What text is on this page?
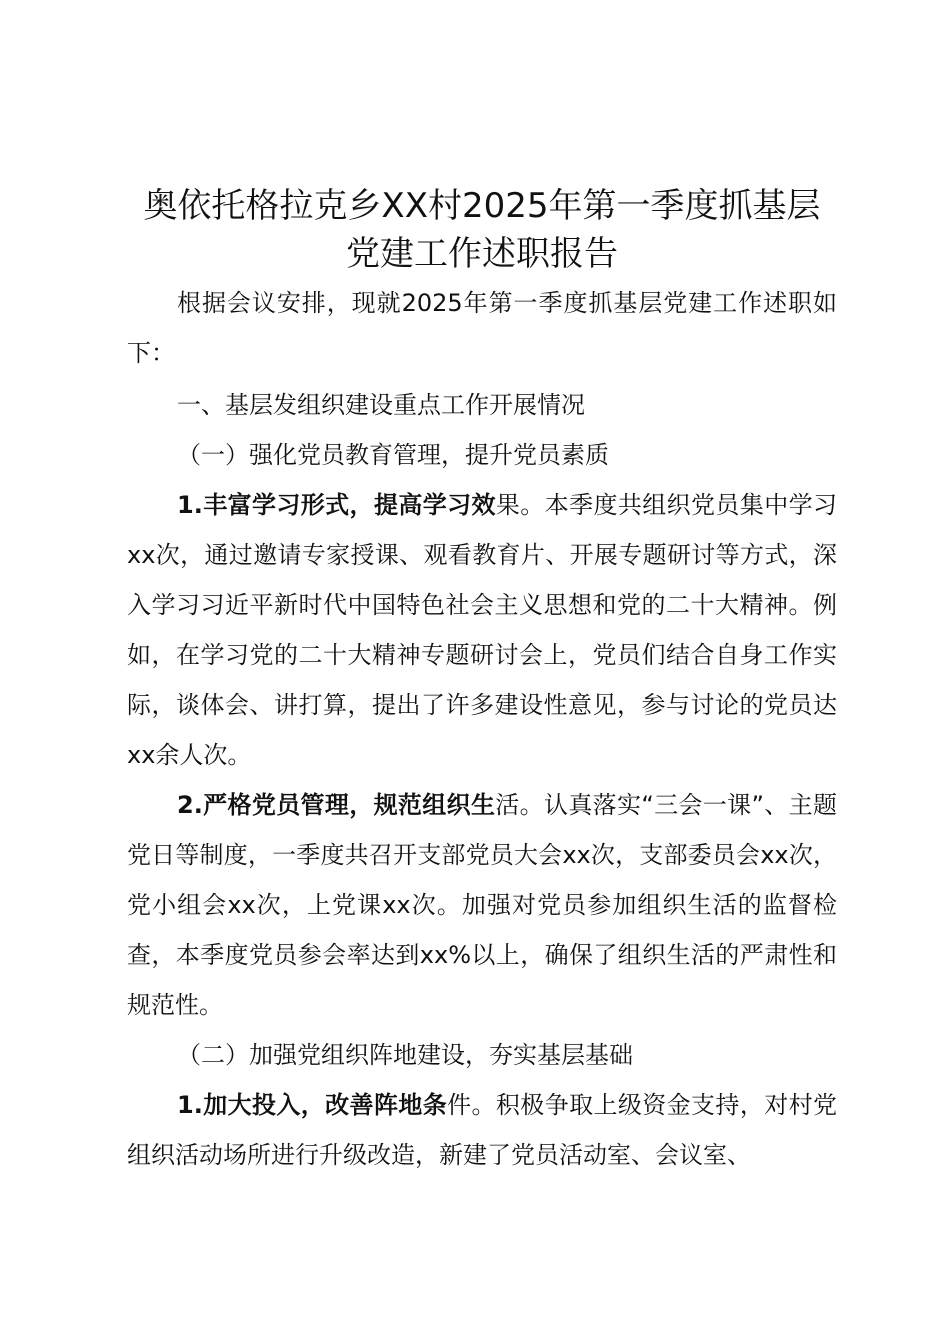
奥依托格拉克乡XX村2025年第一季度抓基层党建工作述职报告

根据会议安排，现就2025年第一季度抓基层党建工作述职如下：

一、基层发组织建设重点工作开展情况

（一）强化党员教育管理，提升党员素质

1.丰富学习形式，提高学习效果。本季度共组织党员集中学习xx次，通过邀请专家授课、观看教育片、开展专题研讨等方式，深入学习习近平新时代中国特色社会主义思想和党的二十大精神。例如，在学习党的二十大精神专题研讨会上，党员们结合自身工作实际，谈体会、讲打算，提出了许多建设性意见，参与讨论的党员达xx余人次。

2.严格党员管理，规范组织生活。认真落实“三会一课”、主题党日等制度，一季度共召开支部党员大会xx次，支部委员会xx次，党小组会xx次，上党课xx次。加强对党员参加组织生活的监督检查，本季度党员参会率达到xx%以上，确保了组织生活的严肃性和规范性。

（二）加强党组织阵地建设，夯实基层基础

1.加大投入，改善阵地条件。积极争取上级资金支持，对村党组织活动场所进行升级改造，新建了党员活动室、会议室、
